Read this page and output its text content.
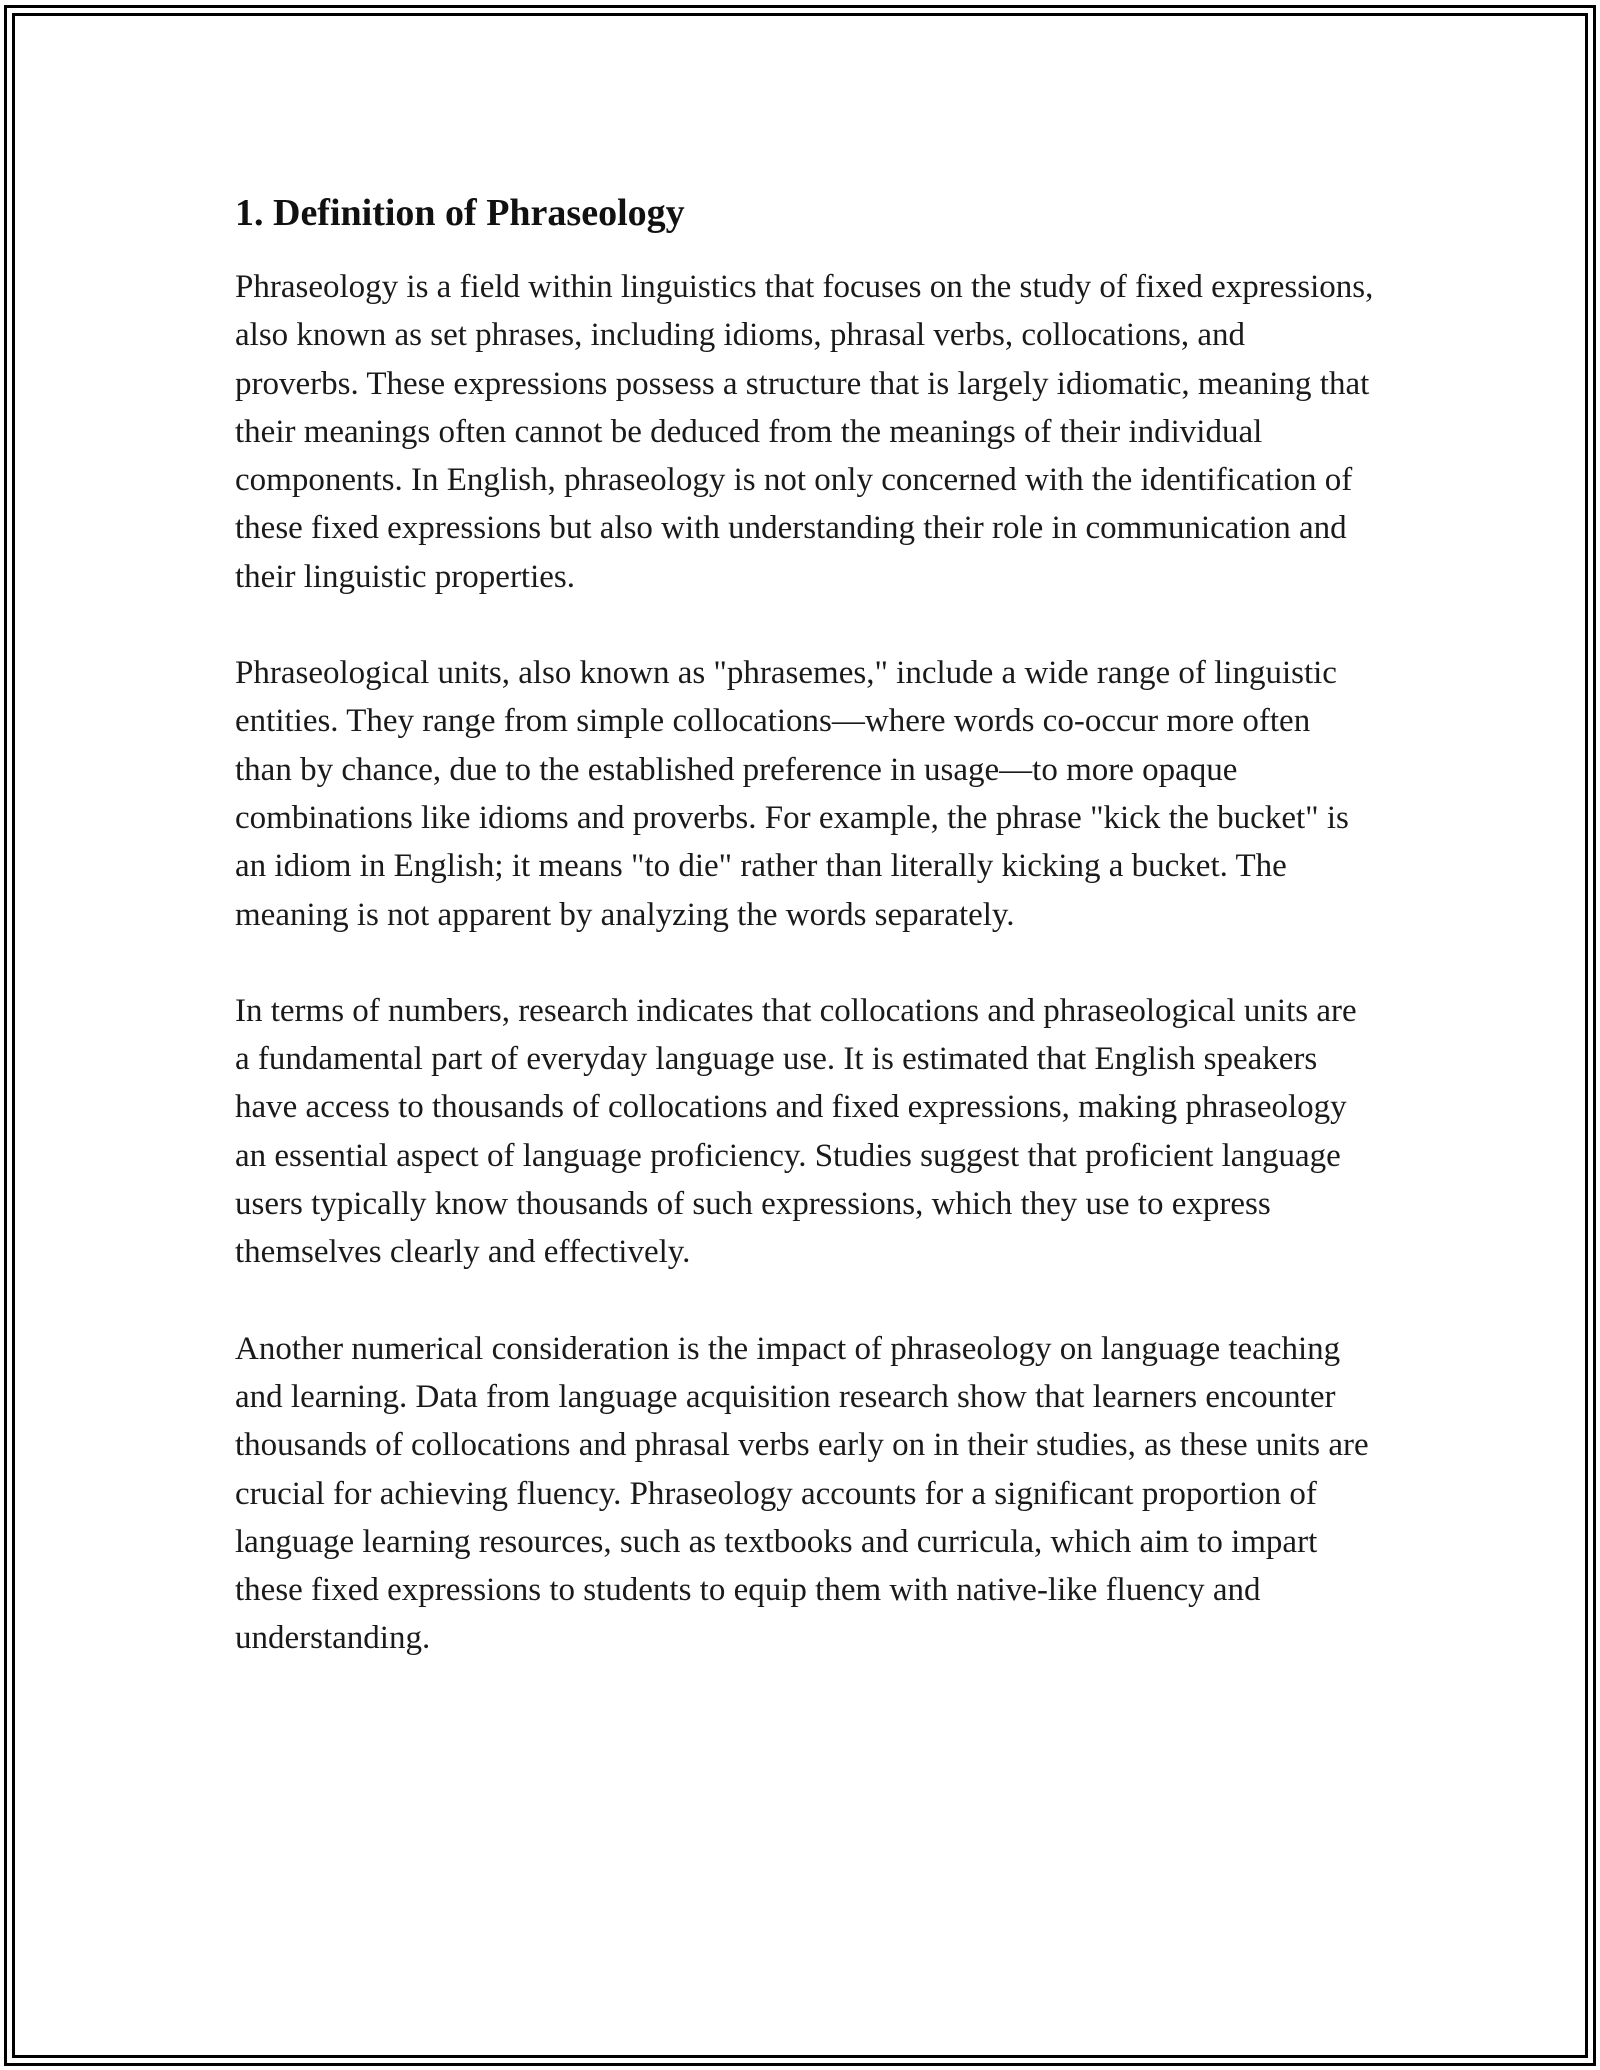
1. Definition of Phraseology

Phraseology is a field within linguistics that focuses on the study of fixed expressions, also known as set phrases, including idioms, phrasal verbs, collocations, and proverbs. These expressions possess a structure that is largely idiomatic, meaning that their meanings often cannot be deduced from the meanings of their individual components. In English, phraseology is not only concerned with the identification of these fixed expressions but also with understanding their role in communication and their linguistic properties.

Phraseological units, also known as "phrasemes," include a wide range of linguistic entities. They range from simple collocations—where words co-occur more often than by chance, due to the established preference in usage—to more opaque combinations like idioms and proverbs. For example, the phrase "kick the bucket" is an idiom in English; it means "to die" rather than literally kicking a bucket. The meaning is not apparent by analyzing the words separately.

In terms of numbers, research indicates that collocations and phraseological units are a fundamental part of everyday language use. It is estimated that English speakers have access to thousands of collocations and fixed expressions, making phraseology an essential aspect of language proficiency. Studies suggest that proficient language users typically know thousands of such expressions, which they use to express themselves clearly and effectively.

Another numerical consideration is the impact of phraseology on language teaching and learning. Data from language acquisition research show that learners encounter thousands of collocations and phrasal verbs early on in their studies, as these units are crucial for achieving fluency. Phraseology accounts for a significant proportion of language learning resources, such as textbooks and curricula, which aim to impart these fixed expressions to students to equip them with native-like fluency and understanding.
